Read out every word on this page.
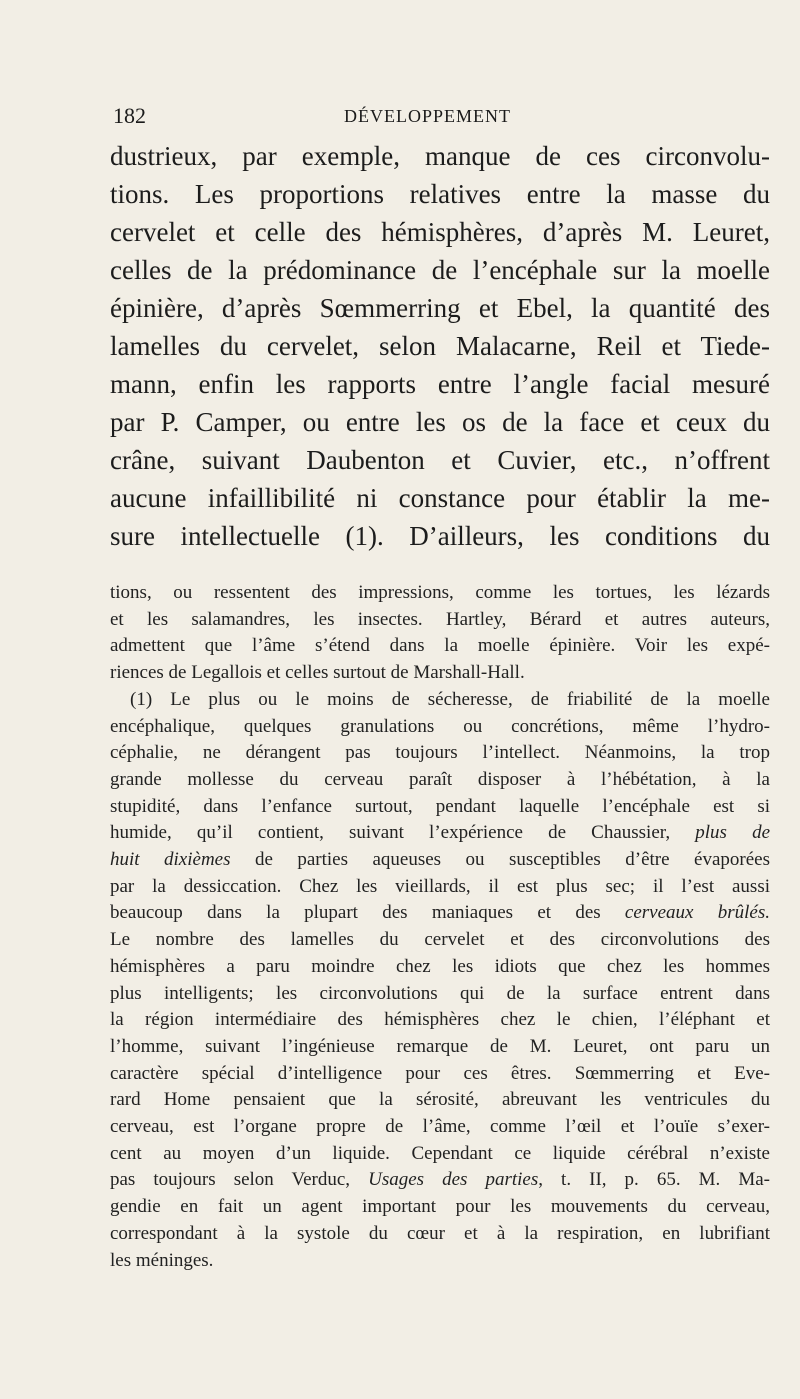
182	DÉVELOPPEMENT
dustrieux, par exemple, manque de ces circonvolu-
tions. Les proportions relatives entre la masse du
cervelet et celle des hémisphères, d’après M. Leuret,
celles de la prédominance de l’encéphale sur la moelle
épinière, d’après Sœmmerring et Ebel, la quantité des
lamelles du cervelet, selon Malacarne, Reil et Tiede-
mann, enfin les rapports entre l’angle facial mesuré
par P. Camper, ou entre les os de la face et ceux du
crâne, suivant Daubenton et Cuvier, etc., n’offrent
aucune infaillibilité ni constance pour établir la me-
sure intellectuelle (1). D’ailleurs, les conditions du
tions, ou ressentent des impressions, comme les tortues, les lézards
et les salamandres, les insectes. Hartley, Bérard et autres auteurs,
admettent que l’âme s’étend dans la moelle épinière. Voir les expé-
riences de Legallois et celles surtout de Marshall-Hall.
(1) Le plus ou le moins de sécheresse, de friabilité de la moelle
encéphalique, quelques granulations ou concrétions, même l’hydro-
céphalie, ne dérangent pas toujours l’intellect. Néanmoins, la trop
grande mollesse du cerveau paraît disposer à l’hébétation, à la
stupidité, dans l’enfance surtout, pendant laquelle l’encéphale est si
humide, qu’il contient, suivant l’expérience de Chaussier, plus de
huit dixièmes de parties aqueuses ou susceptibles d’être évaporées
par la dessiccation. Chez les vieillards, il est plus sec; il l’est aussi
beaucoup dans la plupart des maniaques et des cerveaux brûlés.
Le nombre des lamelles du cervelet et des circonvolutions des
hémisphères a paru moindre chez les idiots que chez les hommes
plus intelligents; les circonvolutions qui de la surface entrent dans
la région intermédiaire des hémisphères chez le chien, l’éléphant et
l’homme, suivant l’ingénieuse remarque de M. Leuret, ont paru un
caractère spécial d’intelligence pour ces êtres. Sœmmerring et Eve-
rard Home pensaient que la sérosité, abreuvant les ventricules du
cerveau, est l’organe propre de l’âme, comme l’œil et l’ouïe s’exer-
cent au moyen d’un liquide. Cependant ce liquide cérébral n’existe
pas toujours selon Verduc, Usages des parties, t. II, p. 65. M. Ma-
gendie en fait un agent important pour les mouvements du cerveau,
correspondant à la systole du cœur et à la respiration, en lubrifiant
les méninges.
